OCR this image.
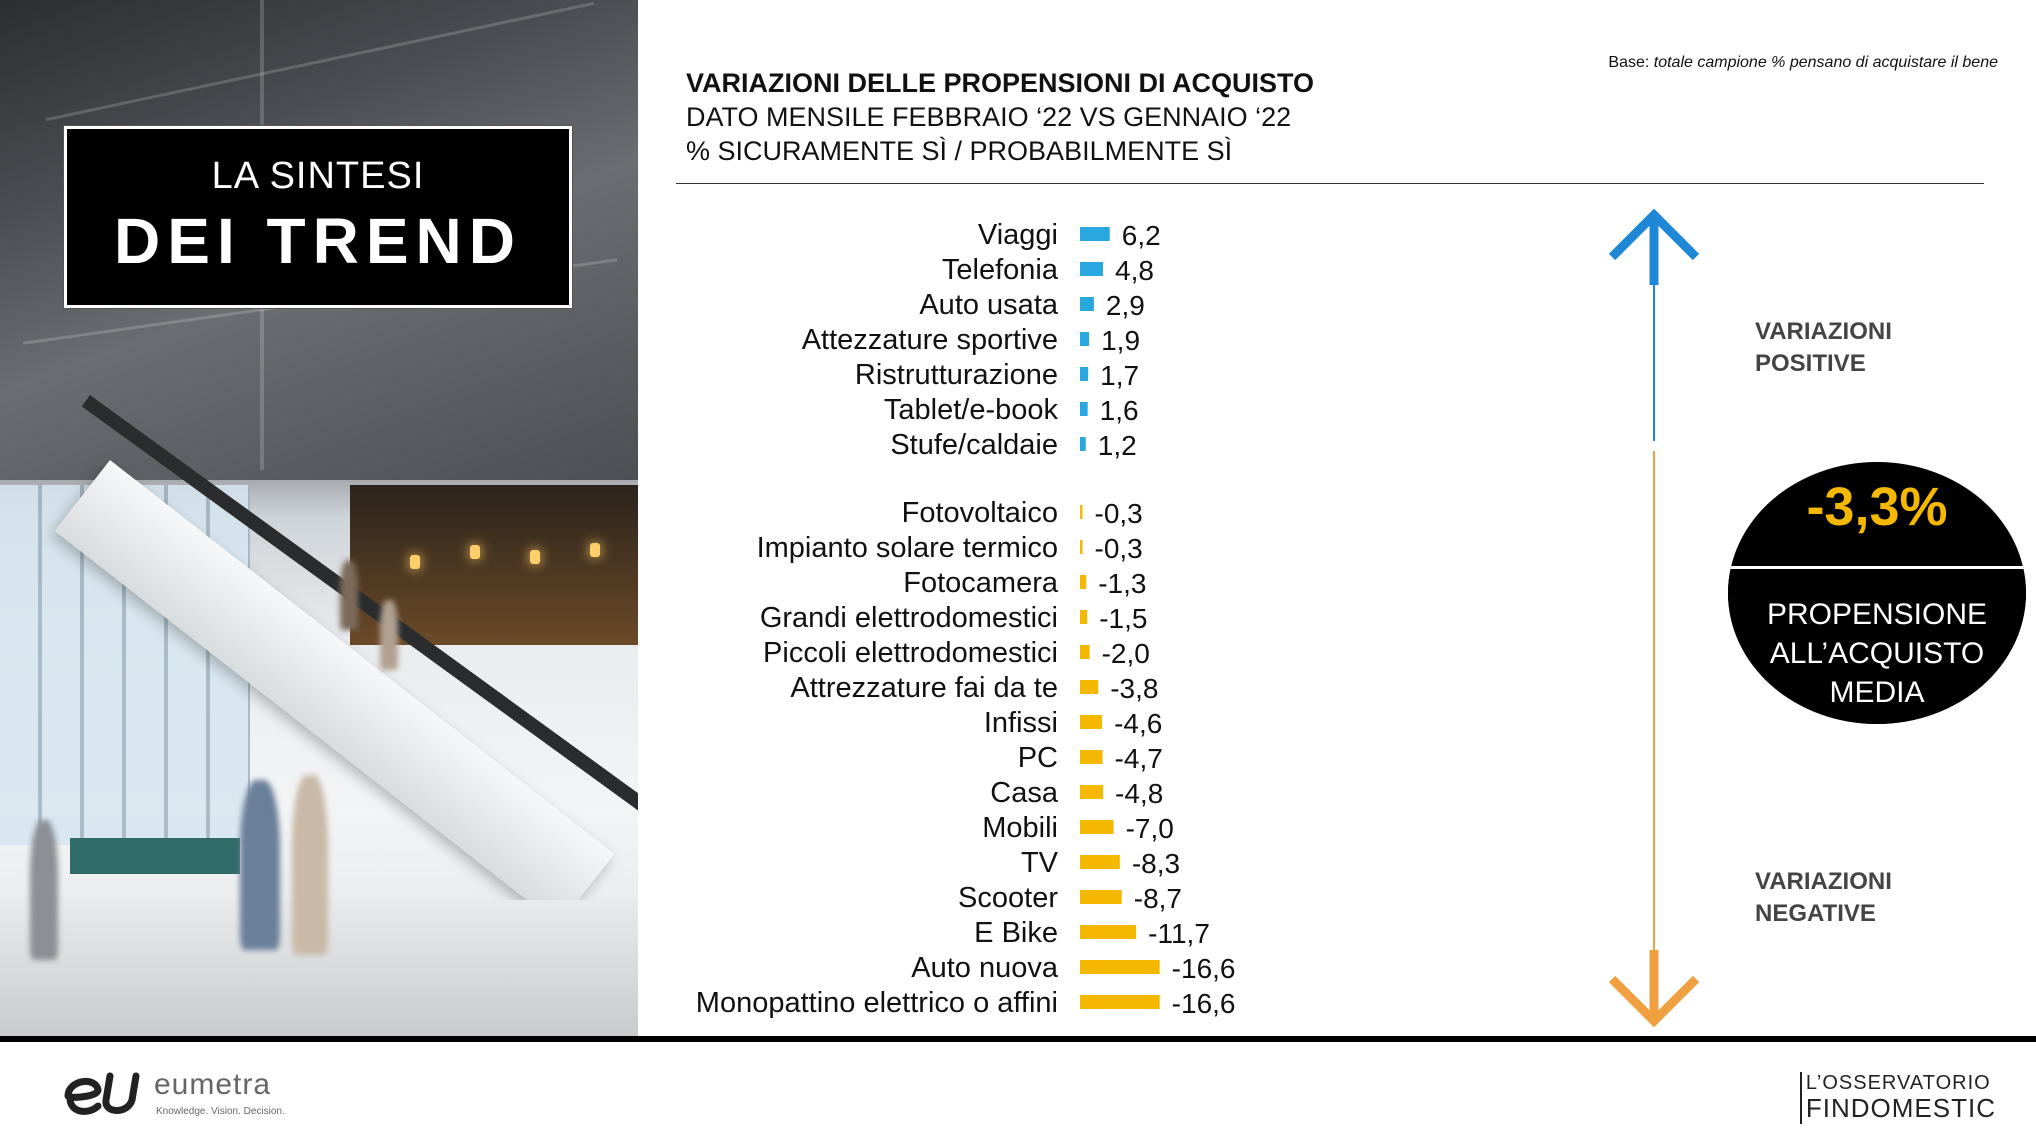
LA SINTESI
DEI TREND
VARIAZIONI DELLE PROPENSIONI DI ACQUISTO
DATO MENSILE FEBBRAIO ‘22 VS GENNAIO ‘22
% SICURAMENTE SÌ / PROBABILMENTE SÌ
Base: totale campione % pensano di acquistare il bene
Viaggi 6,2
Telefonia 4,8
Auto usata 2,9
Attezzature sportive 1,9
Ristrutturazione 1,7
Tablet/e-book 1,6
Stufe/caldaie 1,2
Fotovoltaico -0,3
Impianto solare termico -0,3
Fotocamera -1,3
Grandi elettrodomestici -1,5
Piccoli elettrodomestici -2,0
Attrezzature fai da te -3,8
Infissi -4,6
PC -4,7
Casa -4,8
Mobili -7,0
TV	-8,3
Scooter	-8,7
E Bike	-11,7
Auto nuova	-16,6
Monopattino elettrico o affini	-16,6
VARIAZIONI
POSITIVE
VARIAZIONI
NEGATIVE
-3,3%
PROPENSIONE ALL’ACQUISTO MEDIA
eumetra
Knowledge. Vision. Decision.
L’OSSERVATORIO
FINDOMESTIC
